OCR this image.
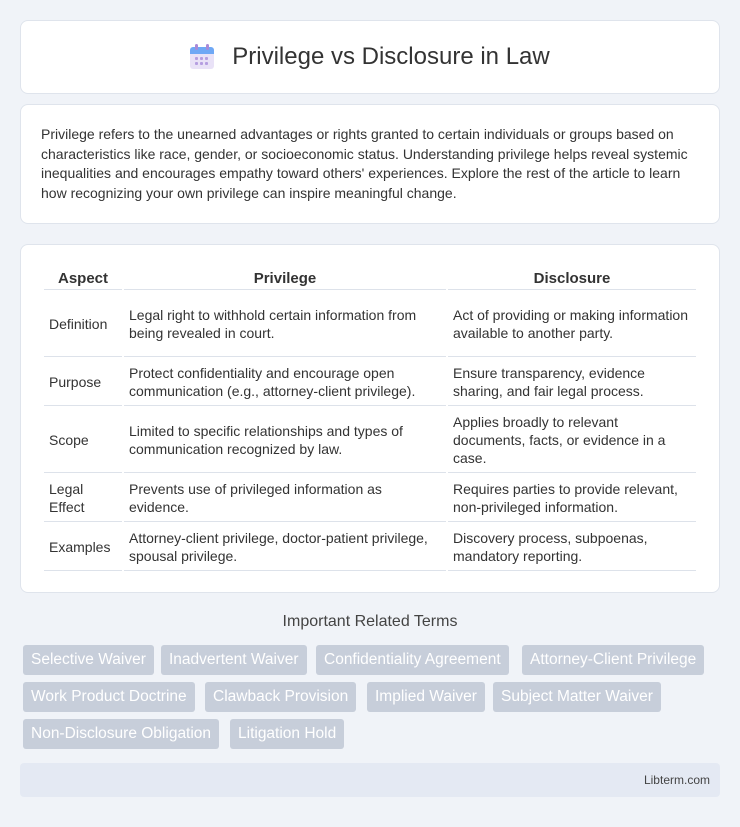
Privilege vs Disclosure in Law

Privilege refers to the unearned advantages or rights granted to certain individuals or groups based on characteristics like race, gender, or socioeconomic status. Understanding privilege helps reveal systemic inequalities and encourages empathy toward others' experiences. Explore the rest of the article to learn how recognizing your own privilege can inspire meaningful change.

Aspect	Privilege	Disclosure
Definition	Legal right to withhold certain information from being revealed in court.	Act of providing or making information available to another party.
Purpose	Protect confidentiality and encourage open communication (e.g., attorney-client privilege).	Ensure transparency, evidence sharing, and fair legal process.
Scope	Limited to specific relationships and types of communication recognized by law.	Applies broadly to relevant documents, facts, or evidence in a case.
Legal Effect	Prevents use of privileged information as evidence.	Requires parties to provide relevant, non-privileged information.
Examples	Attorney-client privilege, doctor-patient privilege, spousal privilege.	Discovery process, subpoenas, mandatory reporting.
Important Related Terms
Selective Waiver	Inadvertent Waiver	Confidentiality Agreement	Attorney-Client Privilege
Work Product Doctrine	Clawback Provision	Implied Waiver	Subject Matter Waiver
Non-Disclosure Obligation	Litigation Hold
Libterm.com
